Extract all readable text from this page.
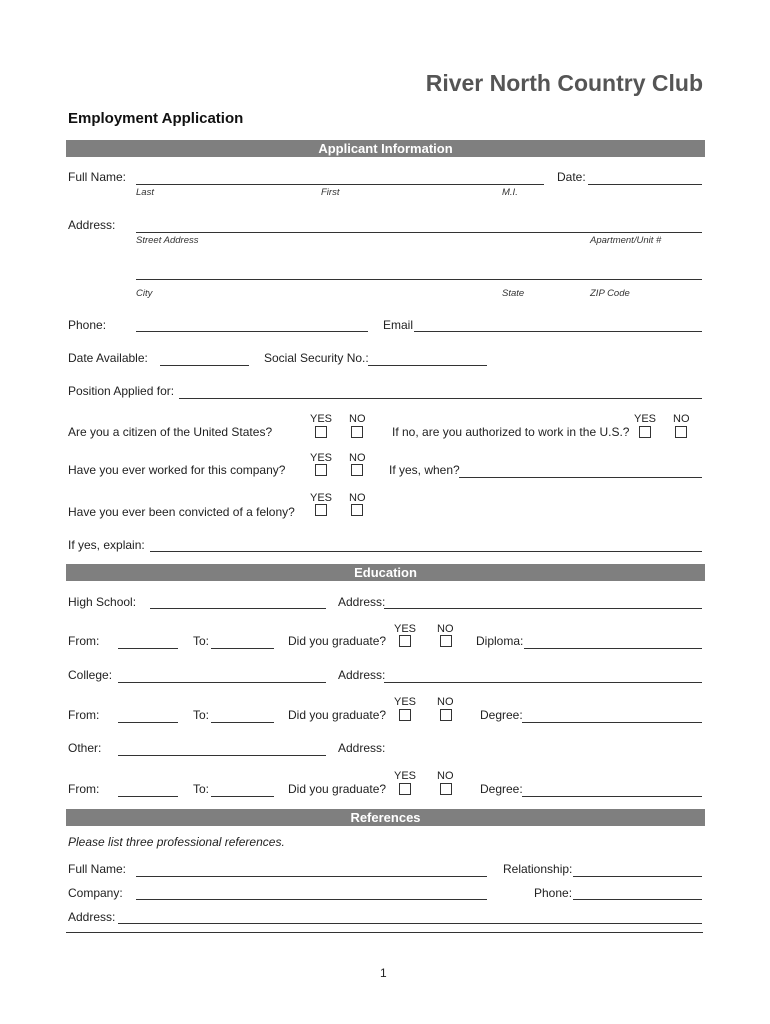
River North Country Club
Employment Application
Applicant Information
Full Name:
Last	First	M.I.
Date:
Address:
Street Address	Apartment/Unit #
City	State	ZIP Code
Phone:	Email
Date Available:	Social Security No.:
Position Applied for:
YES NO
Are you a citizen of the United States?
YES NO
If no, are you authorized to work in the U.S.?
YES NO
Have you ever worked for this company?	If yes, when?
YES NO
Have you ever been convicted of a felony?
If yes, explain:
Education
High School:	Address:
YES NO
From:	To:	Did you graduate?	Diploma:
College:	Address:
YES NO
From:	To:	Did you graduate?	Degree:
Other:	Address:
YES NO
From:	To:	Did you graduate?	Degree:
References
Please list three professional references.
Full Name:	Relationship:
Company:	Phone:
Address:
1
